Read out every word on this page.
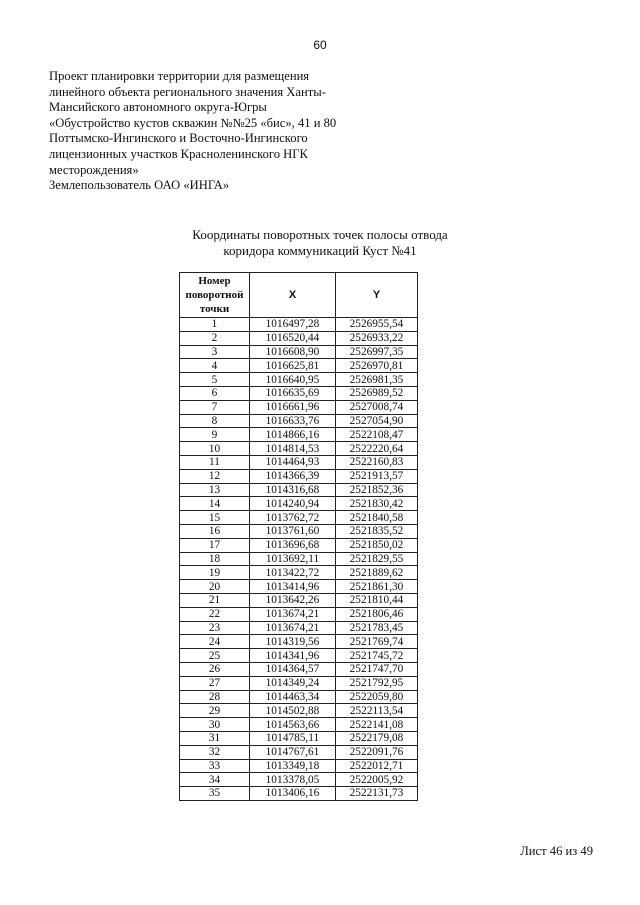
60
Проект планировки территории для размещения
линейного объекта регионального значения Ханты-
Мансийского автономного округа-Югры
«Обустройство кустов скважин №№25 «бис», 41 и 80
Поттымско-Ингинского и Восточно-Ингинского
лицензионных участков Красноленинского НГК
месторождения»
Землепользователь ОАО «ИНГА»
Координаты поворотных точек полосы отвода
коридора коммуникаций Куст №41
Номер поворотной точки	X	Y
1	1016497,28	2526955,54
2	1016520,44	2526933,22
3	1016608,90	2526997,35
4	1016625,81	2526970,81
5	1016640,95	2526981,35
6	1016635,69	2526989,52
7	1016661,96	2527008,74
8	1016633,76	2527054,90
9	1014866,16	2522108,47
10	1014814,53	2522220,64
11	1014464,93	2522160,83
12	1014366,39	2521913,57
13	1014316,68	2521852,36
14	1014240,94	2521830,42
15	1013762,72	2521840,58
16	1013761,60	2521835,52
17	1013696,68	2521850,02
18	1013692,11	2521829,55
19	1013422,72	2521889,62
20	1013414,96	2521861,30
21	1013642,26	2521810,44
22	1013674,21	2521806,46
23	1013674,21	2521783,45
24	1014319,56	2521769,74
25	1014341,96	2521745,72
26	1014364,57	2521747,70
27	1014349,24	2521792,95
28	1014463,34	2522059,80
29	1014502,88	2522113,54
30	1014563,66	2522141,08
31	1014785,11	2522179,08
32	1014767,61	2522091,76
33	1013349,18	2522012,71
34	1013378,05	2522005,92
35	1013406,16	2522131,73
Лист 46 из 49
